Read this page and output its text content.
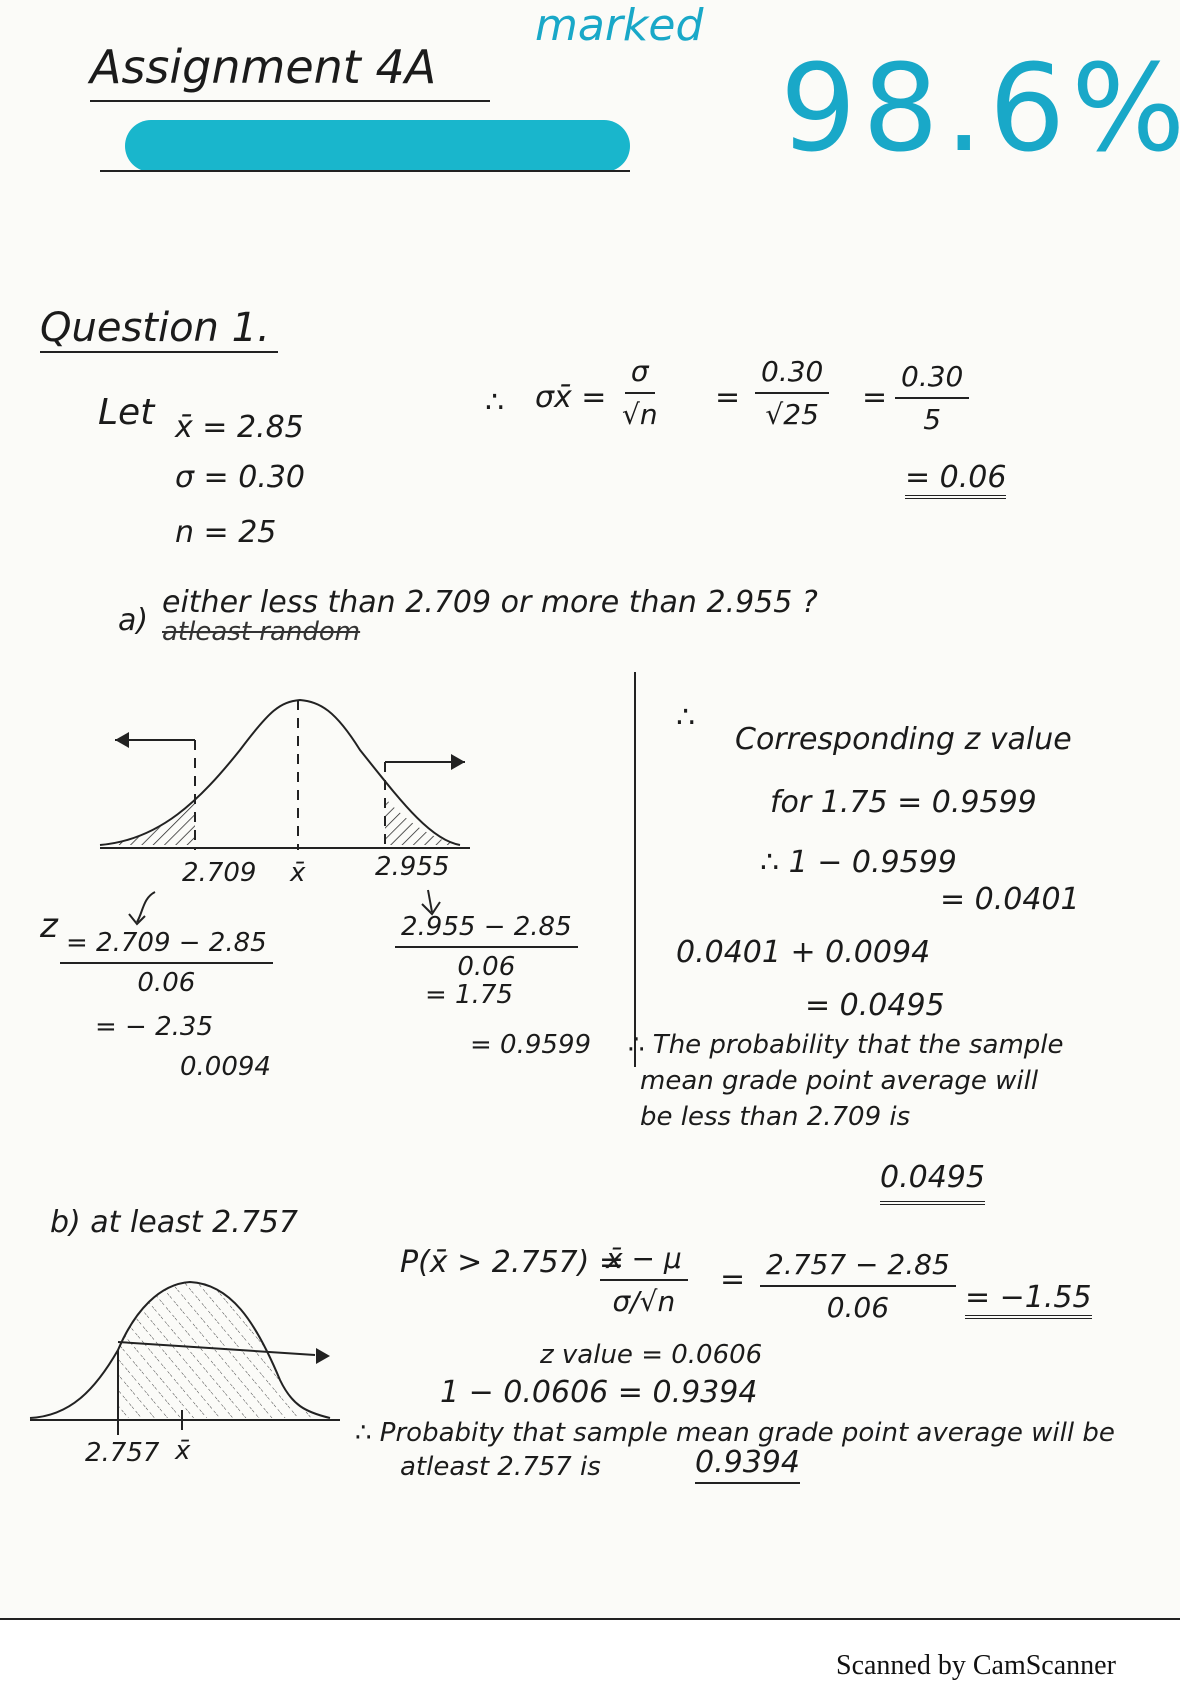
Assignment 4A
marked
98.6%
Question 1.
Let x̄ = 2.85
σ = 0.30
n = 25
∴ σx̄ = $\frac{\sigma}{√n} = \frac{0.30}{√25} = \frac{0.30}{5}$
= 0.06
a)
either less than 2.709 or more than 2.955 ?
atleast random
2.709 x̄	2.955
z
$\frac{= 2.709 - 2.85}{0.06}$
= − 2.35
0.0094
$\frac{2.955 - 2.85}{0.06}$
= 1.75
= 0.9599
∴
Corresponding z value
for 1.75 = 0.9599
∴ 1 − 0.9599
= 0.0401
0.0401 + 0.0094
= 0.0495
∴ The probability that the sample
mean grade point average will
be less than 2.709 is
0.0495
b) at least 2.757
P(x̄ > 2.757) =
$\frac{x̄ - \mu}{\sigma/√n} = \frac{2.757 - 2.85}{0.06} = -1.55$
z value = 0.0606
1 − 0.0606 = 0.9394
∴ Probabity that sample mean grade point average will be
atleast 2.757 is	0.9394
2.757 x̄
Scanned by CamScanner
